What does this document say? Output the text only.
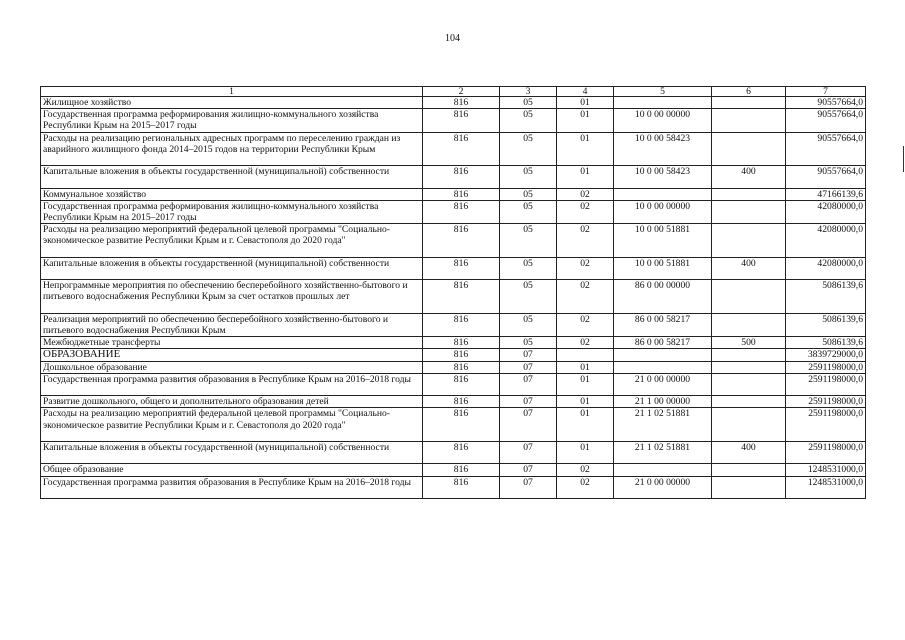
104
1	2	3	4	5	6	7
Жилищное хозяйство	816	05	01			90557664,0
Государственная программа реформирования жилищно-коммунального хозяйства Республики Крым на 2015–2017 годы	816	05	01	10 0 00 00000		90557664,0
Расходы на реализацию региональных адресных программ по переселению граждан из аварийного жилищного фонда 2014–2015 годов на территории Республики Крым	816	05	01	10 0 00 58423		90557664,0
Капитальные вложения в объекты государственной (муниципальной) собственности	816	05	01	10 0 00 58423	400	90557664,0
Коммунальное хозяйство	816	05	02			47166139,6
Государственная программа реформирования жилищно-коммунального хозяйства Республики Крым на 2015–2017 годы	816	05	02	10 0 00 00000		42080000,0
Расходы на реализацию мероприятий федеральной целевой программы "Социально-экономическое развитие Республики Крым и г. Севастополя до 2020 года"	816	05	02	10 0 00 51881		42080000,0
Капитальные вложения в объекты государственной (муниципальной) собственности	816	05	02	10 0 00 51881	400	42080000,0
Непрограммные мероприятия по обеспечению бесперебойного хозяйственно-бытового и питьевого водоснабжения Республики Крым за счет остатков прошлых лет	816	05	02	86 0 00 00000		5086139,6
Реализация мероприятий по обеспечению бесперебойного хозяйственно-бытового и питьевого водоснабжения Республики Крым	816	05	02	86 0 00 58217		5086139,6
Межбюджетные трансферты	816	05	02	86 0 00 58217	500	5086139,6
ОБРАЗОВАНИЕ	816	07				3839729000,0
Дошкольное образование	816	07	01			2591198000,0
Государственная программа развития образования в Республике Крым на 2016–2018 годы	816	07	01	21 0 00 00000		2591198000,0
Развитие дошкольного, общего и дополнительного образования детей	816	07	01	21 1 00 00000		2591198000,0
Расходы на реализацию мероприятий федеральной целевой программы "Социально-экономическое развитие Республики Крым и г. Севастополя до 2020 года"	816	07	01	21 1 02 51881		2591198000,0
Капитальные вложения в объекты государственной (муниципальной) собственности	816	07	01	21 1 02 51881	400	2591198000,0
Общее образование	816	07	02			1248531000,0
Государственная программа развития образования в Республике Крым на 2016–2018 годы	816	07	02	21 0 00 00000		1248531000,0
